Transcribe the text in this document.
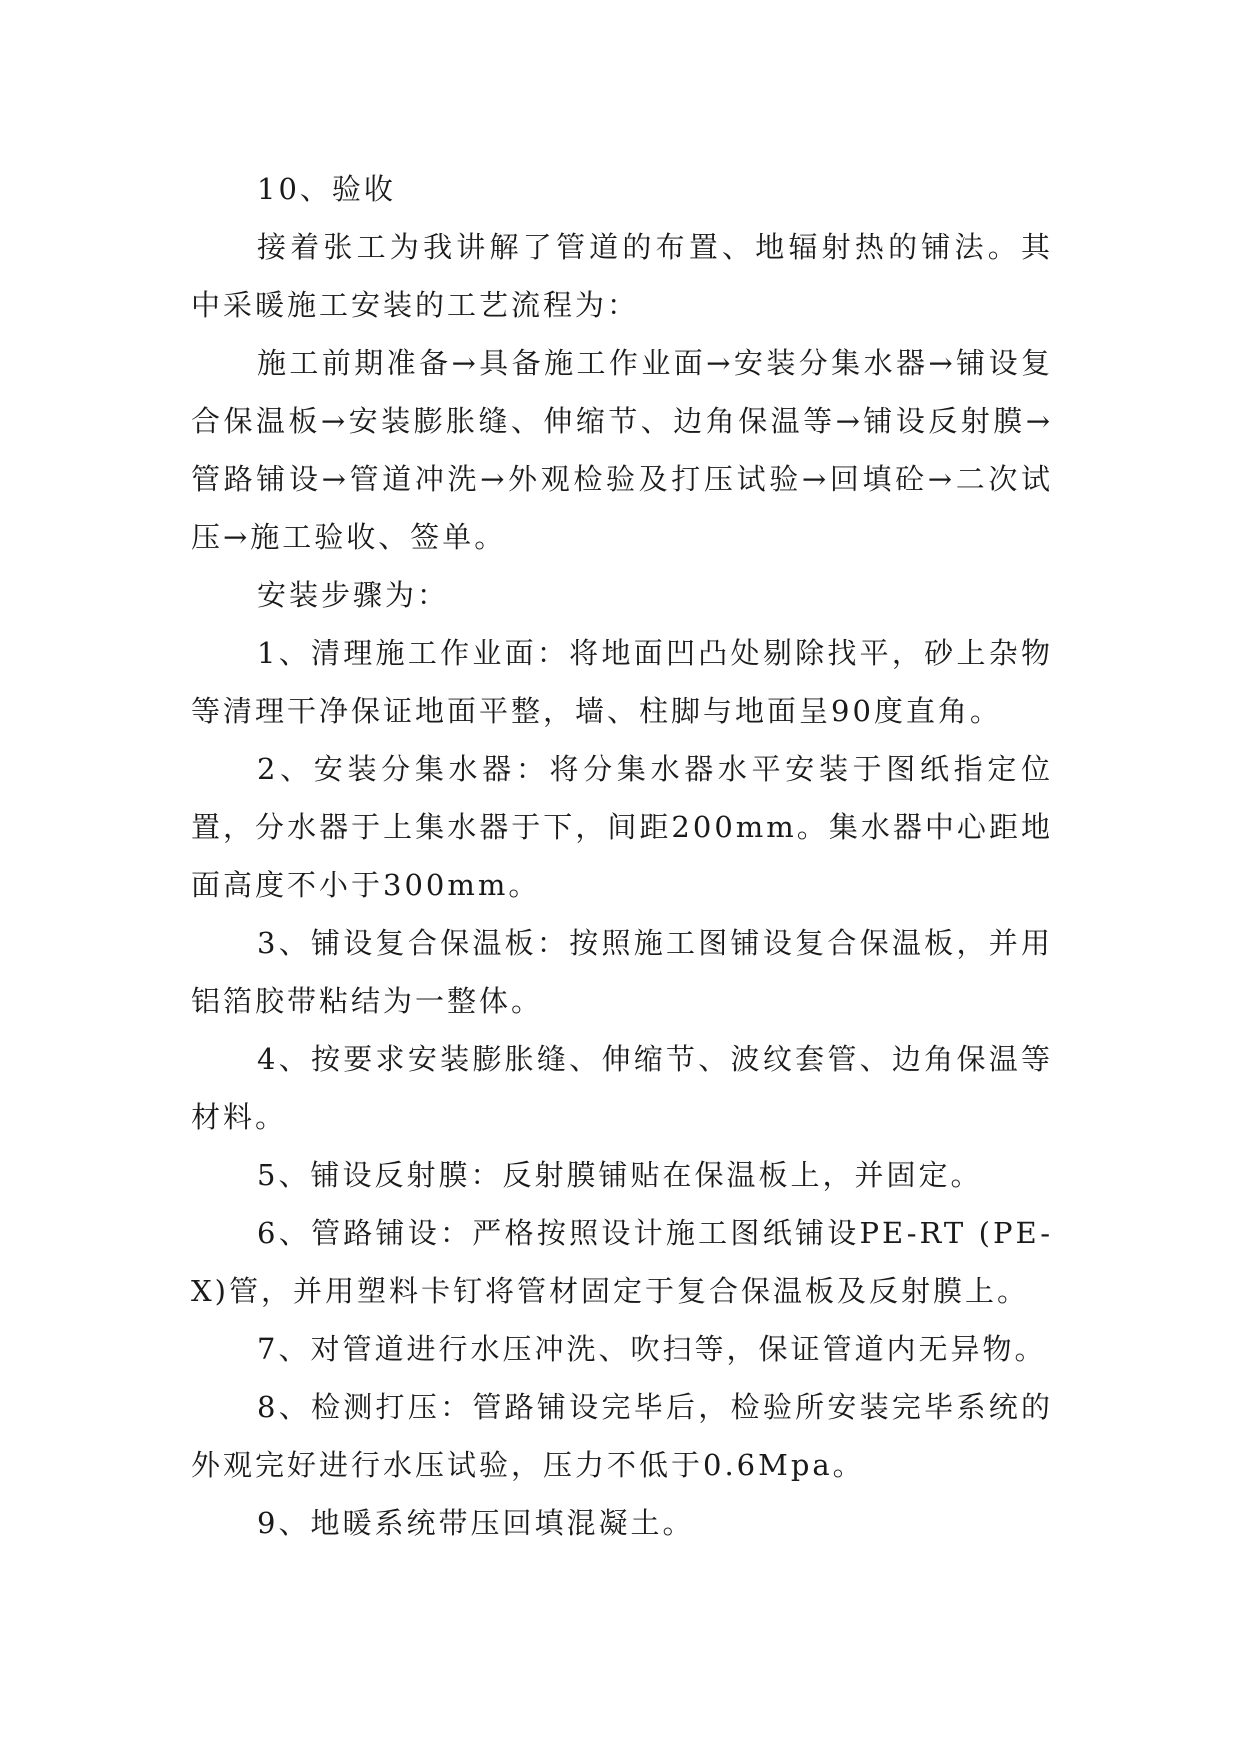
10、验收

接着张工为我讲解了管道的布置、地辐射热的铺法。其中采暖施工安装的工艺流程为：

施工前期准备→具备施工作业面→安装分集水器→铺设复合保温板→安装膨胀缝、伸缩节、边角保温等→铺设反射膜→管路铺设→管道冲洗→外观检验及打压试验→回填砼→二次试压→施工验收、签单。

安装步骤为：

1、清理施工作业面：将地面凹凸处剔除找平，砂上杂物等清理干净保证地面平整，墙、柱脚与地面呈90度直角。

2、安装分集水器：将分集水器水平安装于图纸指定位置，分水器于上集水器于下，间距200mm。集水器中心距地面高度不小于300mm。

3、铺设复合保温板：按照施工图铺设复合保温板，并用铝箔胶带粘结为一整体。

4、按要求安装膨胀缝、伸缩节、波纹套管、边角保温等材料。

5、铺设反射膜：反射膜铺贴在保温板上，并固定。

6、管路铺设：严格按照设计施工图纸铺设PE-RT (PE-X)管，并用塑料卡钉将管材固定于复合保温板及反射膜上。

7、对管道进行水压冲洗、吹扫等，保证管道内无异物。

8、检测打压：管路铺设完毕后，检验所安装完毕系统的外观完好进行水压试验，压力不低于0.6Mpa。

9、地暖系统带压回填混凝土。
